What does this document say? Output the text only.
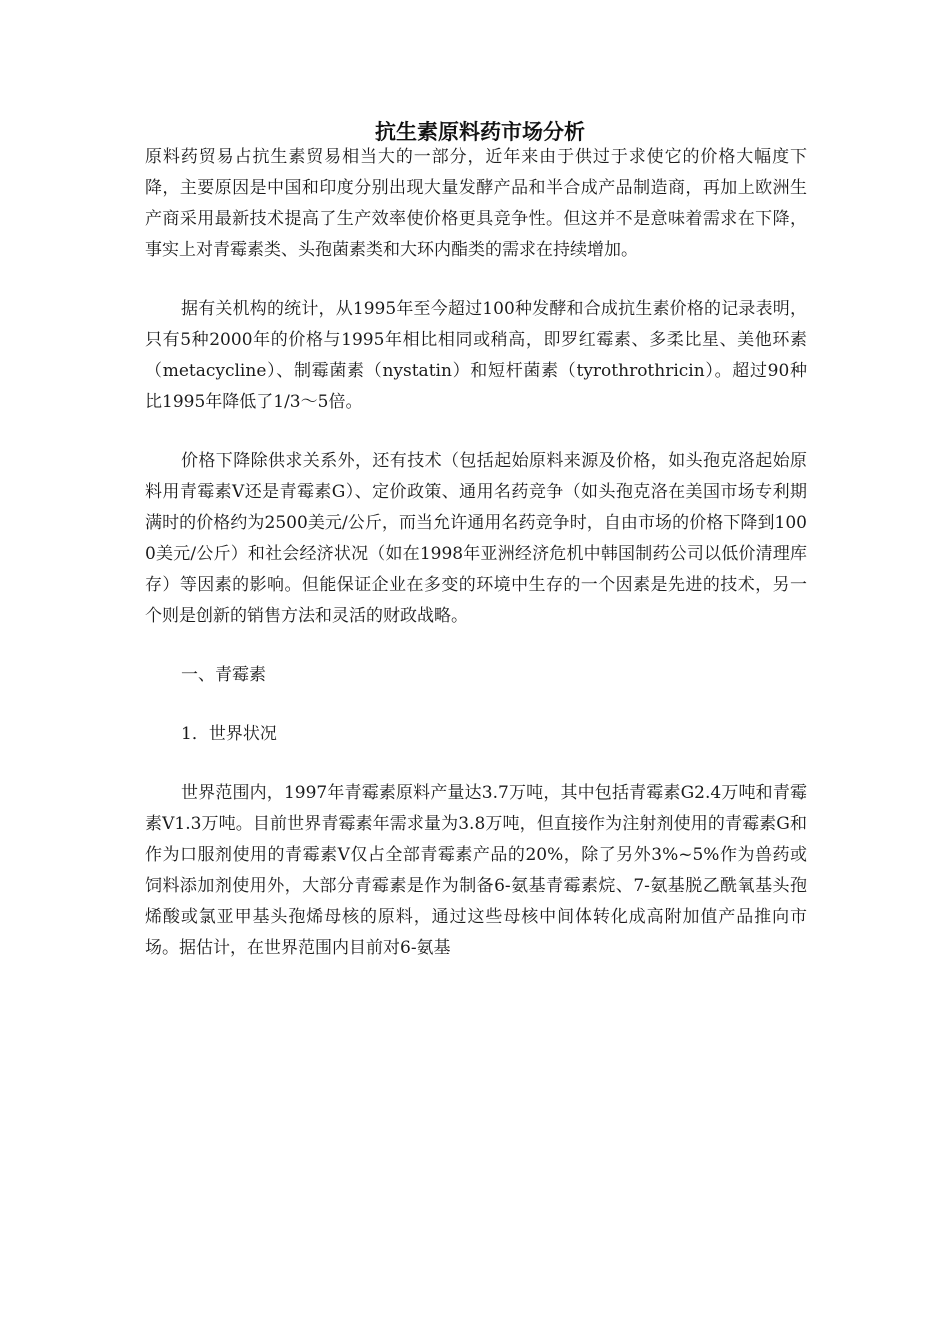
抗生素原料药市场分析

原料药贸易占抗生素贸易相当大的一部分，近年来由于供过于求使它的价格大幅度下降，主要原因是中国和印度分别出现大量发酵产品和半合成产品制造商，再加上欧洲生产商采用最新技术提高了生产效率使价格更具竞争性。但这并不是意味着需求在下降，事实上对青霉素类、头孢菌素类和大环内酯类的需求在持续增加。

据有关机构的统计，从1995年至今超过100种发酵和合成抗生素价格的记录表明，只有5种2000年的价格与1995年相比相同或稍高，即罗红霉素、多柔比星、美他环素（metacycline）、制霉菌素（nystatin）和短杆菌素（tyrothrothricin）。超过90种比1995年降低了1/3～5倍。

价格下降除供求关系外，还有技术（包括起始原料来源及价格，如头孢克洛起始原料用青霉素V还是青霉素G）、定价政策、通用名药竞争（如头孢克洛在美国市场专利期满时的价格约为2500美元/公斤，而当允许通用名药竞争时，自由市场的价格下降到1000美元/公斤）和社会经济状况（如在1998年亚洲经济危机中韩国制药公司以低价清理库存）等因素的影响。但能保证企业在多变的环境中生存的一个因素是先进的技术，另一个则是创新的销售方法和灵活的财政战略。

一、青霉素

1．世界状况

世界范围内，1997年青霉素原料产量达3.7万吨，其中包括青霉素G2.4万吨和青霉素V1.3万吨。目前世界青霉素年需求量为3.8万吨，但直接作为注射剂使用的青霉素G和作为口服剂使用的青霉素V仅占全部青霉素产品的20%，除了另外3%~5%作为兽药或饲料添加剂使用外，大部分青霉素是作为制备6-氨基青霉素烷、7-氨基脱乙酰氧基头孢烯酸或氯亚甲基头孢烯母核的原料，通过这些母核中间体转化成高附加值产品推向市场。据估计，在世界范围内目前对6-氨基
